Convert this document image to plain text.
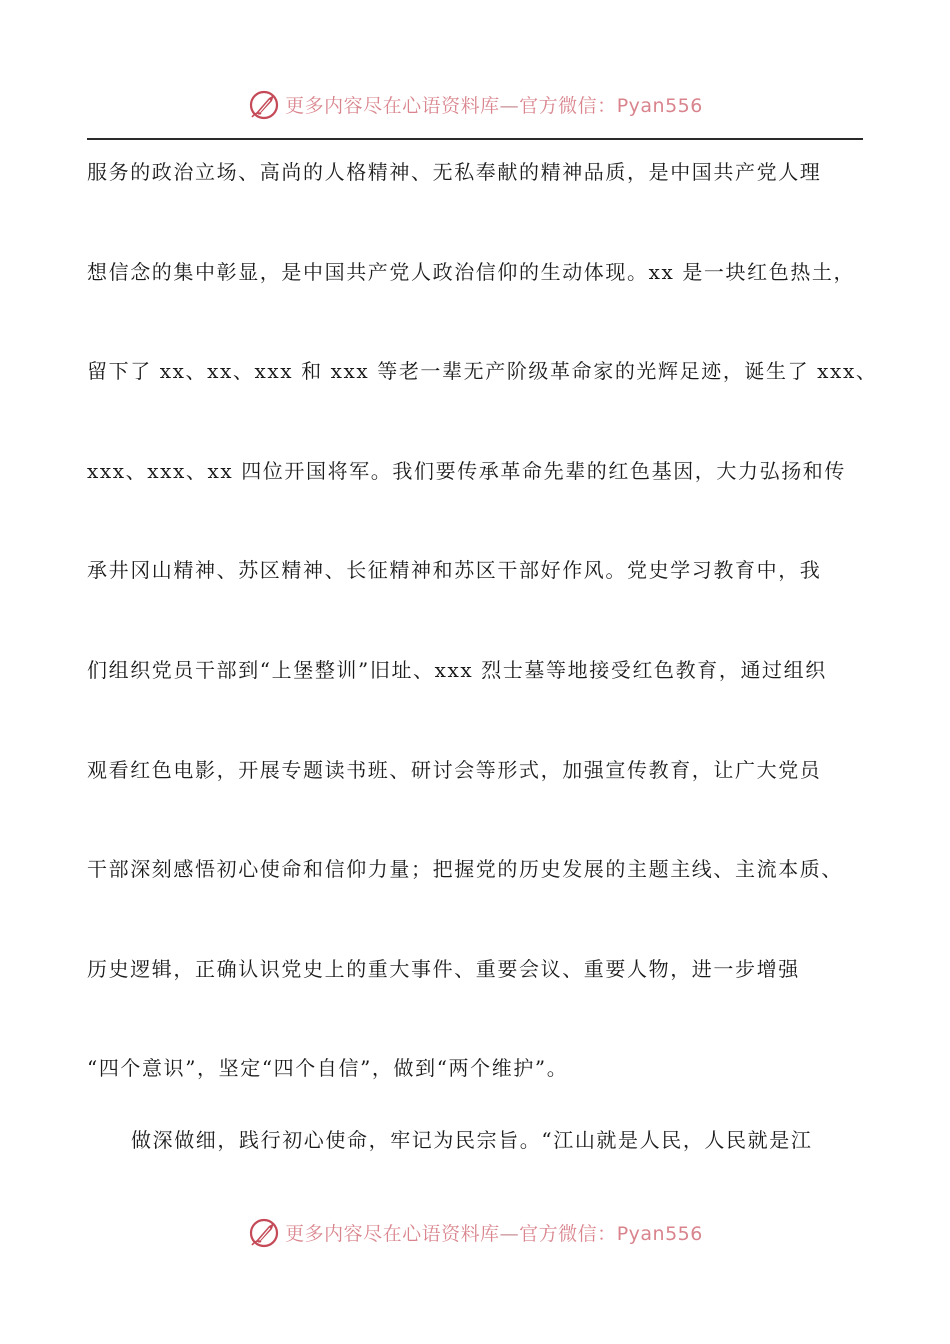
更多内容尽在心语资料库—官方微信：Pyan556
服务的政治立场、高尚的人格精神、无私奉献的精神品质，是中国共产党人理
想信念的集中彰显，是中国共产党人政治信仰的生动体现。xx 是一块红色热土，
留下了 xx、xx、xxx 和 xxx 等老一辈无产阶级革命家的光辉足迹，诞生了 xxx、
xxx、xxx、xx 四位开国将军。我们要传承革命先辈的红色基因，大力弘扬和传
承井冈山精神、苏区精神、长征精神和苏区干部好作风。党史学习教育中，我
们组织党员干部到“上堡整训”旧址、xxx 烈士墓等地接受红色教育，通过组织
观看红色电影，开展专题读书班、研讨会等形式，加强宣传教育，让广大党员
干部深刻感悟初心使命和信仰力量；把握党的历史发展的主题主线、主流本质、
历史逻辑，正确认识党史上的重大事件、重要会议、重要人物，进一步增强
“四个意识”，坚定“四个自信”，做到“两个维护”。
做深做细，践行初心使命，牢记为民宗旨。“江山就是人民，人民就是江
更多内容尽在心语资料库—官方微信：Pyan556
